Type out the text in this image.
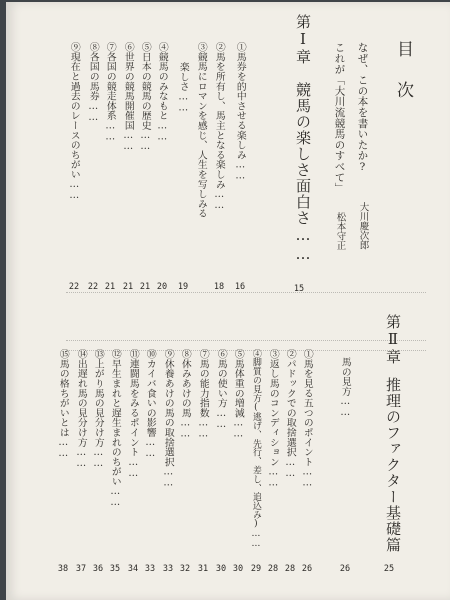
目次
なぜ、この本を書いたか?
大川慶次郎
これが「大川流競馬のすべて」
松本守正
第Ⅰ章
競馬の楽しさ面白さ……
15
①馬券を的中させる楽しみ……
16
②馬を所有し、馬主となる楽しみ……
18
③競馬にロマンを感じ、人生を写しみる
楽しさ……
19
④競馬のみなもと……
20
⑤日本の競馬の歴史……
21
⑥世界の競馬開催国……
21
⑦各国の競走体系……
21
⑧各国の馬券……
22
⑨現在と過去のレースのちがい……
22
第Ⅱ章
推理のファクター基礎篇
25
馬の見方……
26
①馬を見る五つのポイント……
26
②パドックでの取捨選択……
28
③返し馬のコンディション……
28
④脚質の見方(逃げ、先行、差し、追込み)……
29
⑤馬体重の増減……
30
⑥馬の使い方……
30
⑦馬の能力指数……
31
⑧休みあけの馬……
32
⑨休養あけの馬の取捨選択……
33
⑩カイバ食いの影響……
33
⑪連闘馬をみるポイント……
34
⑫早生まれと遅生まれのちがい……
35
⑬上がり馬の見分け方……
36
⑭出遅れ馬の見分け方……
37
⑮馬の格ちがいとは……
38
